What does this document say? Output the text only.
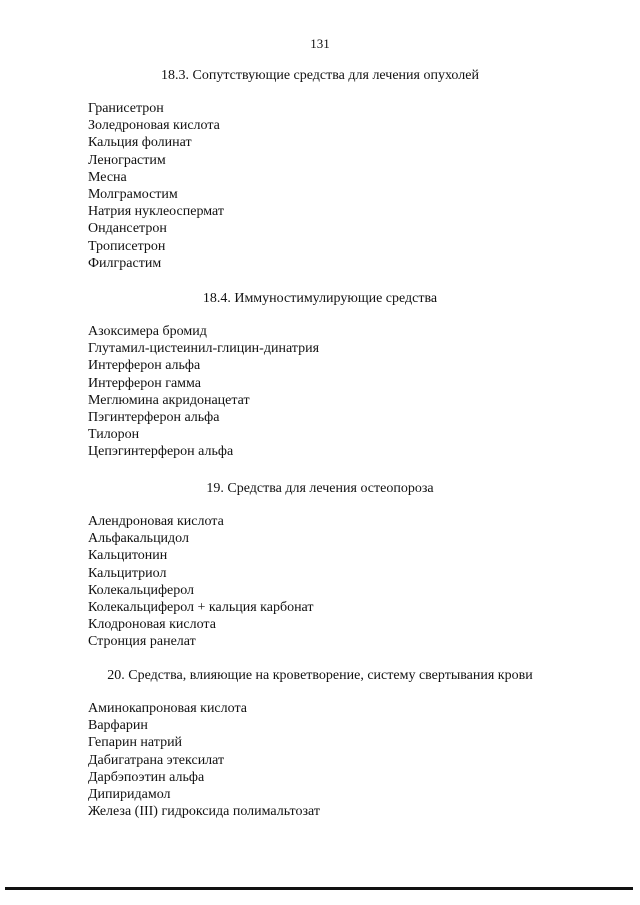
131
18.3. Сопутствующие средства для лечения опухолей
Гранисетрон
Золедроновая кислота
Кальция фолинат
Ленограстим
Месна
Молграмостим
Натрия нуклеоспермат
Ондансетрон
Трописетрон
Филграстим
18.4. Иммуностимулирующие средства
Азоксимера бромид
Глутамил-цистеинил-глицин-динатрия
Интерферон альфа
Интерферон гамма
Меглюмина акридонацетат
Пэгинтерферон альфа
Тилорон
Цепэгинтерферон альфа
19. Средства для лечения остеопороза
Алендроновая кислота
Альфакальцидол
Кальцитонин
Кальцитриол
Колекальциферол
Колекальциферол + кальция карбонат
Клодроновая кислота
Стронция ранелат
20. Средства, влияющие на кроветворение, систему свертывания крови
Аминокапроновая кислота
Варфарин
Гепарин натрий
Дабигатрана этексилат
Дарбэпоэтин альфа
Дипиридамол
Железа (III) гидроксида полимальтозат
